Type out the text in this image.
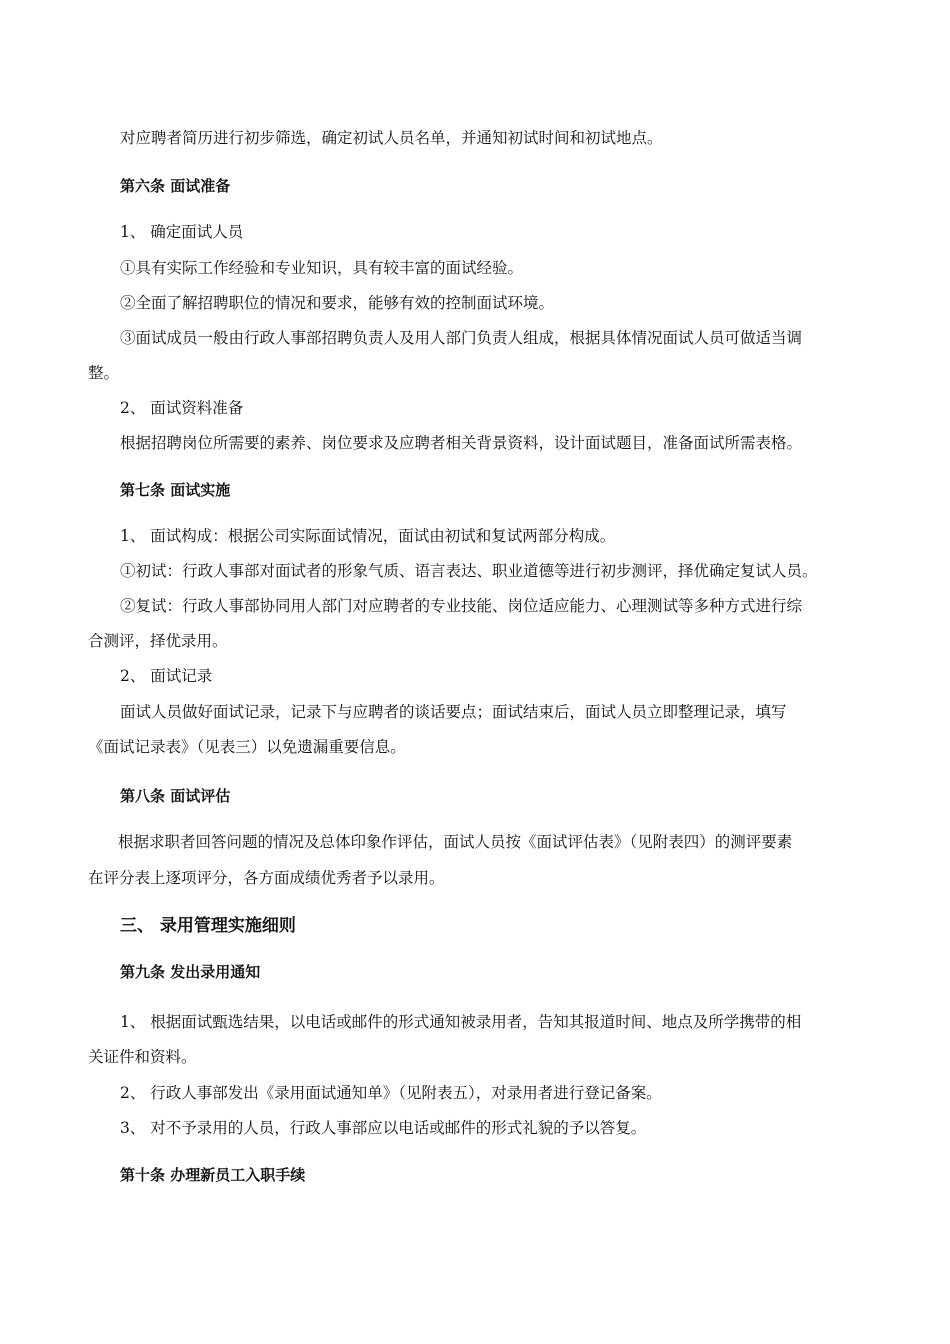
对应聘者简历进行初步筛选，确定初试人员名单，并通知初试时间和初试地点。
第六条 面试准备
1、 确定面试人员
①具有实际工作经验和专业知识，具有较丰富的面试经验。
②全面了解招聘职位的情况和要求，能够有效的控制面试环境。
③面试成员一般由行政人事部招聘负责人及用人部门负责人组成，根据具体情况面试人员可做适当调
整。
2、 面试资料准备
根据招聘岗位所需要的素养、岗位要求及应聘者相关背景资料，设计面试题目，准备面试所需表格。
第七条 面试实施
1、 面试构成：根据公司实际面试情况，面试由初试和复试两部分构成。
①初试：行政人事部对面试者的形象气质、语言表达、职业道德等进行初步测评，择优确定复试人员。
②复试：行政人事部协同用人部门对应聘者的专业技能、岗位适应能力、心理测试等多种方式进行综
合测评，择优录用。
2、 面试记录
面试人员做好面试记录，记录下与应聘者的谈话要点；面试结束后，面试人员立即整理记录，填写
《面试记录表》（见表三）以免遗漏重要信息。
第八条 面试评估
根据求职者回答问题的情况及总体印象作评估，面试人员按《面试评估表》（见附表四）的测评要素
在评分表上逐项评分，各方面成绩优秀者予以录用。
三、 录用管理实施细则
第九条 发出录用通知
1、 根据面试甄选结果，以电话或邮件的形式通知被录用者，告知其报道时间、地点及所学携带的相
关证件和资料。
2、 行政人事部发出《录用面试通知单》（见附表五），对录用者进行登记备案。
3、 对不予录用的人员，行政人事部应以电话或邮件的形式礼貌的予以答复。
第十条 办理新员工入职手续
